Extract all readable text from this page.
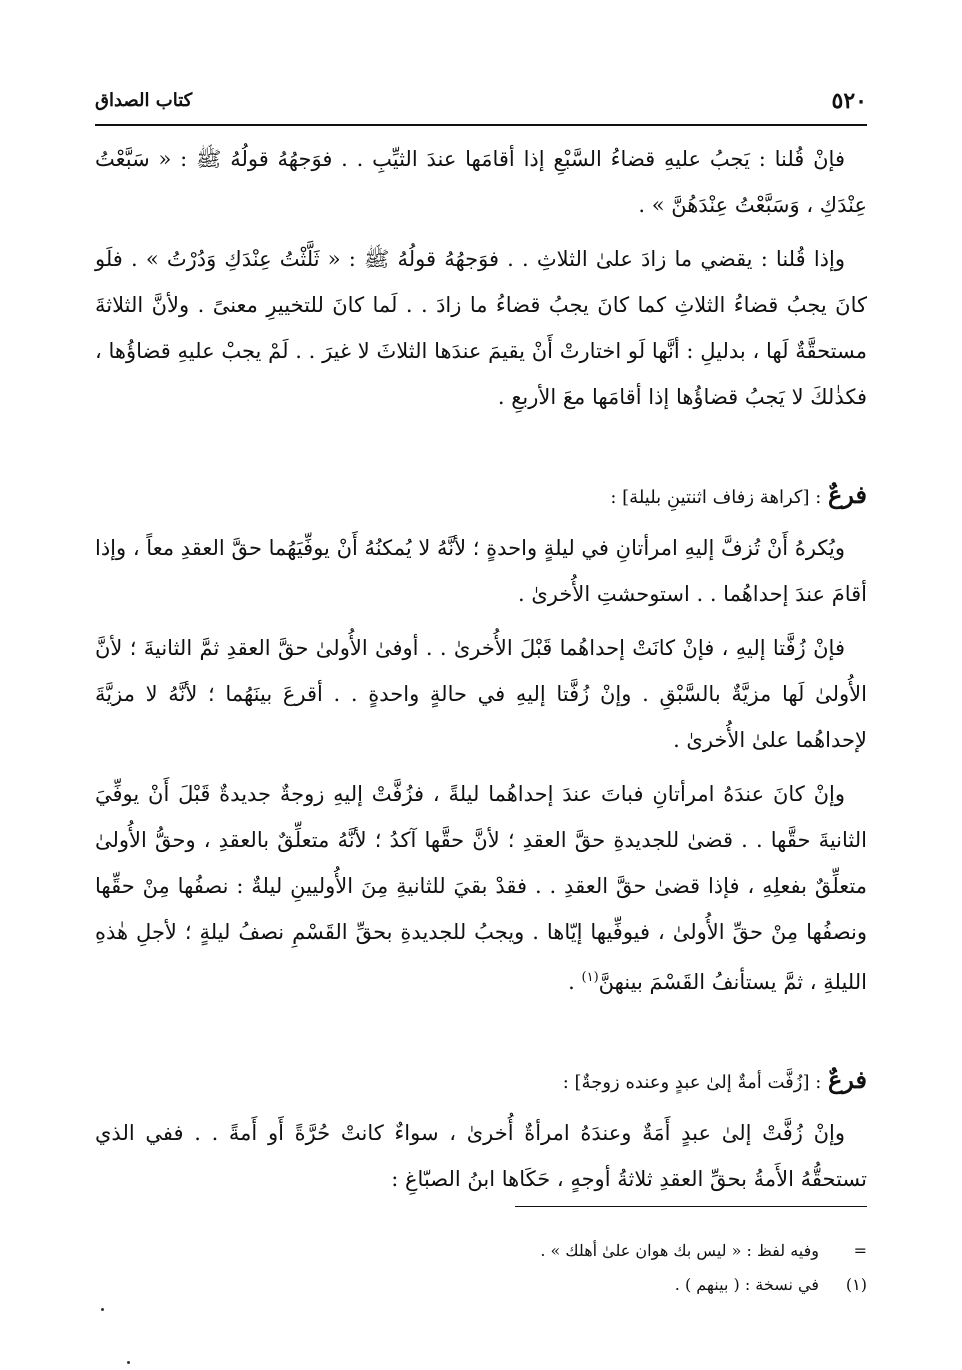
٥٢٠
كتاب الصداق

فإنْ قُلنا : يَجبُ عليهِ قضاءُ السَّبْعِ إذا أقامَها عندَ الثيِّبِ . . فوَجهُهُ قولُهُ ﷺ : « سَبَّعْتُ عِنْدَكِ ، وَسَبَّعْتُ عِنْدَهُنَّ » .

وإذا قُلنا : يقضي ما زادَ علىٰ الثلاثِ . . فوَجهُهُ قولُهُ ﷺ : « ثَلَّثْتُ عِنْدَكِ وَدُرْتُ » . فلَو كانَ يجبُ قضاءُ الثلاثِ كما كانَ يجبُ قضاءُ ما زادَ . . لَما كانَ للتخييرِ معنىً . ولأنَّ الثلاثةَ مستحقَّةٌ لَها ، بدليلِ : أنَّها لَو اختارتْ أَنْ يقيمَ عندَها الثلاثَ لا غيرَ . . لَمْ يجبْ عليهِ قضاؤُها ، فكذٰلكَ لا يَجبُ قضاؤُها إذا أقامَها معَ الأربعِ .

فرعٌ : [كراهة زفاف اثنتينِ بليلة] :

ويُكرهُ أَنْ تُزفَّ إليهِ امرأتانِ في ليلةٍ واحدةٍ ؛ لأنَّهُ لا يُمكنُهُ أَنْ يوفِّيَهُما حقَّ العقدِ معاً ، وإذا أقامَ عندَ إحداهُما . . استوحشتِ الأُخرىٰ .

فإنْ زُفَّتا إليهِ ، فإنْ كانَتْ إحداهُما قَبْلَ الأُخرىٰ . . أوفىٰ الأُولىٰ حقَّ العقدِ ثمَّ الثانيةَ ؛ لأنَّ الأُولىٰ لَها مزيَّةٌ بالسَّبْقِ . وإنْ زُفَّتا إليهِ في حالةٍ واحدةٍ . . أقرعَ بينَهُما ؛ لأنَّهُ لا مزيَّةَ لإحداهُما علىٰ الأُخرىٰ .

وإنْ كانَ عندَهُ امرأتانِ فباتَ عندَ إحداهُما ليلةً ، فزُفَّتْ إليهِ زوجةٌ جديدةٌ قَبْلَ أَنْ يوفِّيَ الثانيةَ حقَّها . . قضىٰ للجديدةِ حقَّ العقدِ ؛ لأنَّ حقَّها آكدُ ؛ لأنَّهُ متعلِّقٌ بالعقدِ ، وحقُّ الأُولىٰ متعلِّقٌ بفعلِهِ ، فإذا قضىٰ حقَّ العقدِ . . فقدْ بقيَ للثانيةِ مِنَ الأُوليينِ ليلةٌ : نصفُها مِنْ حقِّها ونصفُها مِنْ حقِّ الأُولىٰ ، فيوفِّيها إيّاها . ويجبُ للجديدةِ بحقِّ القَسْمِ نصفُ ليلةٍ ؛ لأجلِ هٰذهِ الليلةِ ، ثمَّ يستأنفُ القَسْمَ بينهنَّ$^{(١)}$ .

فرعٌ : [زُفَّت أمةٌ إلىٰ عبدٍ وعنده زوجةٌ] :

وإنْ زُفَّتْ إلىٰ عبدٍ أَمَةٌ وعندَهُ امرأةٌ أُخرىٰ ، سواءٌ كانتْ حُرَّةً أَو أَمةً . . ففي الذي تستحقُّهُ الأَمةُ بحقِّ العقدِ ثلاثةُ أوجهٍ ، حَكَاها ابنُ الصبّاغِ :

=
وفيه لفظ : « ليس بك هوان علىٰ أهلك » .
(١)
في نسخة : ( بينهم ) .
